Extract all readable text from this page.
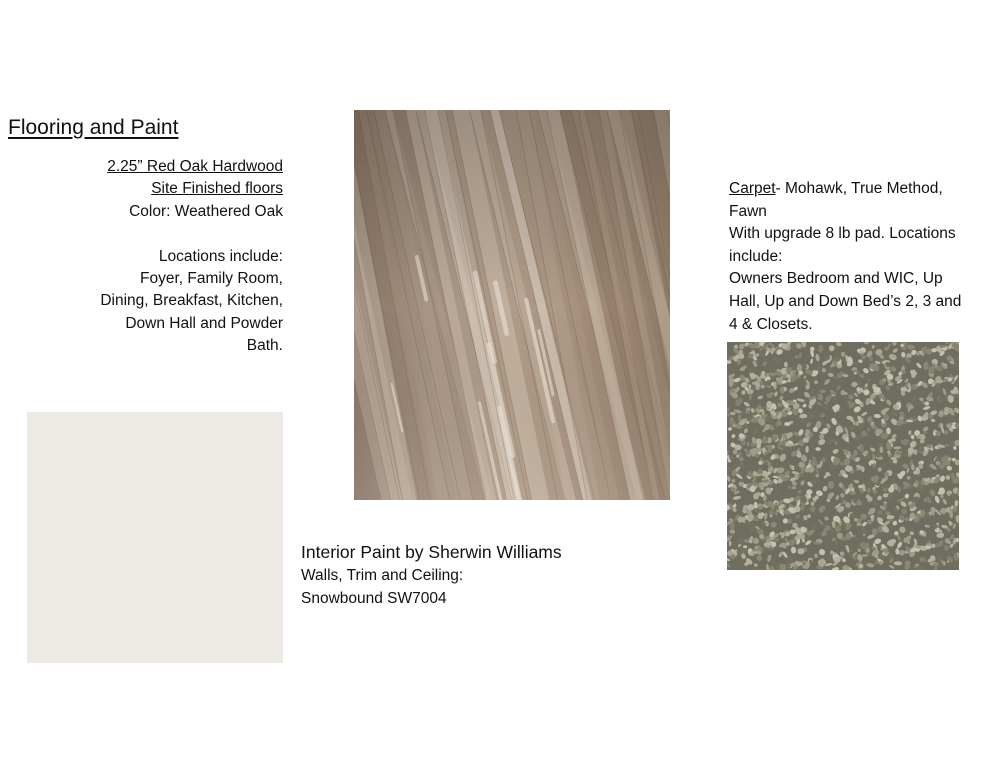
Flooring and Paint
2.25” Red Oak Hardwood
Site Finished floors
Color: Weathered Oak
Locations include:
Foyer, Family Room,
Dining, Breakfast, Kitchen,
Down Hall and Powder
Bath.
Interior Paint by Sherwin Williams
Walls, Trim and Ceiling:
Snowbound SW7004
Carpet- Mohawk, True Method,
Fawn
With upgrade 8 lb pad. Locations
include:
Owners Bedroom and WIC, Up
Hall, Up and Down Bed’s 2, 3 and
4 & Closets.
